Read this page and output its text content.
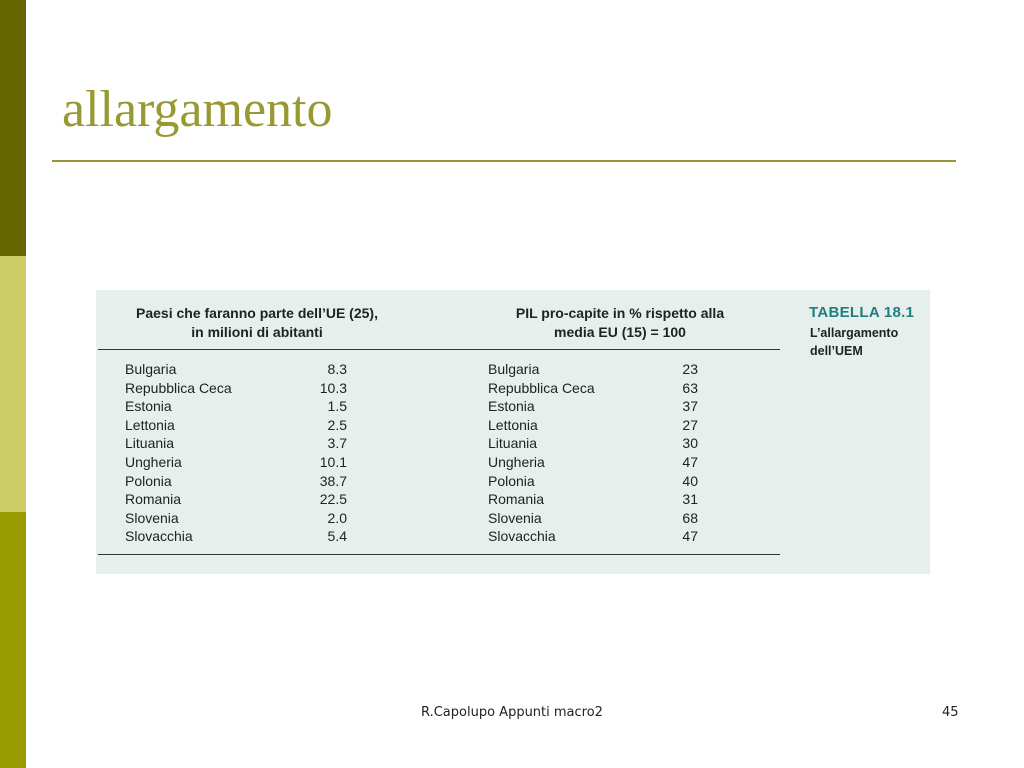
allargamento

Paesi che faranno parte dell’UE (25),
in milioni di abitanti

PIL pro-capite in % rispetto alla
media EU (15) = 100

Bulgaria	8.3
Repubblica Ceca	10.3
Estonia	1.5
Lettonia	2.5
Lituania	3.7
Ungheria	10.1
Polonia	38.7
Romania	22.5
Slovenia	2.0
Slovacchia	5.4
Bulgaria	23
Repubblica Ceca	63
Estonia	37
Lettonia	27
Lituania	30
Ungheria	47
Polonia	40
Romania	31
Slovenia	68
Slovacchia	47

TABELLA 18.1

L’allargamento dell’UEM

R.Capolupo Appunti macro2	45
